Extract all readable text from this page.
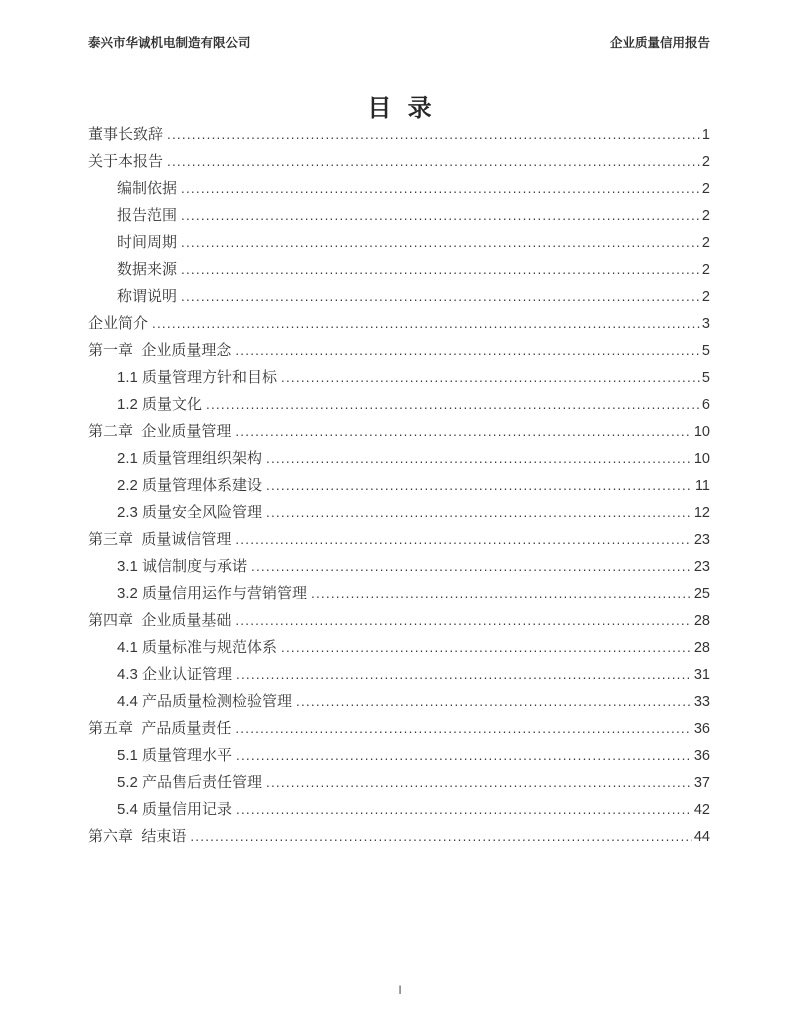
泰兴市华诚机电制造有限公司	企业质量信用报告
目  录
董事长致辞 .....	1
关于本报告 .....	2
编制依据 .....	2
报告范围 .....	2
时间周期 .....	2
数据来源 .....	2
称谓说明 .....	2
企业简介 .....	3
第一章  企业质量理念 .....	5
1.1 质量管理方针和目标 .....	5
1.2 质量文化 .....	6
第二章  企业质量管理 .....	10
2.1 质量管理组织架构 .....	10
2.2 质量管理体系建设 .....	11
2.3 质量安全风险管理 .....	12
第三章  质量诚信管理 .....	23
3.1 诚信制度与承诺 .....	23
3.2 质量信用运作与营销管理 .....	25
第四章  企业质量基础 .....	28
4.1 质量标准与规范体系 .....	28
4.3 企业认证管理 .....	31
4.4 产品质量检测检验管理 .....	33
第五章  产品质量责任 .....	36
5.1 质量管理水平 .....	36
5.2 产品售后责任管理 .....	37
5.4 质量信用记录 .....	42
第六章  结束语 .....	44
I
